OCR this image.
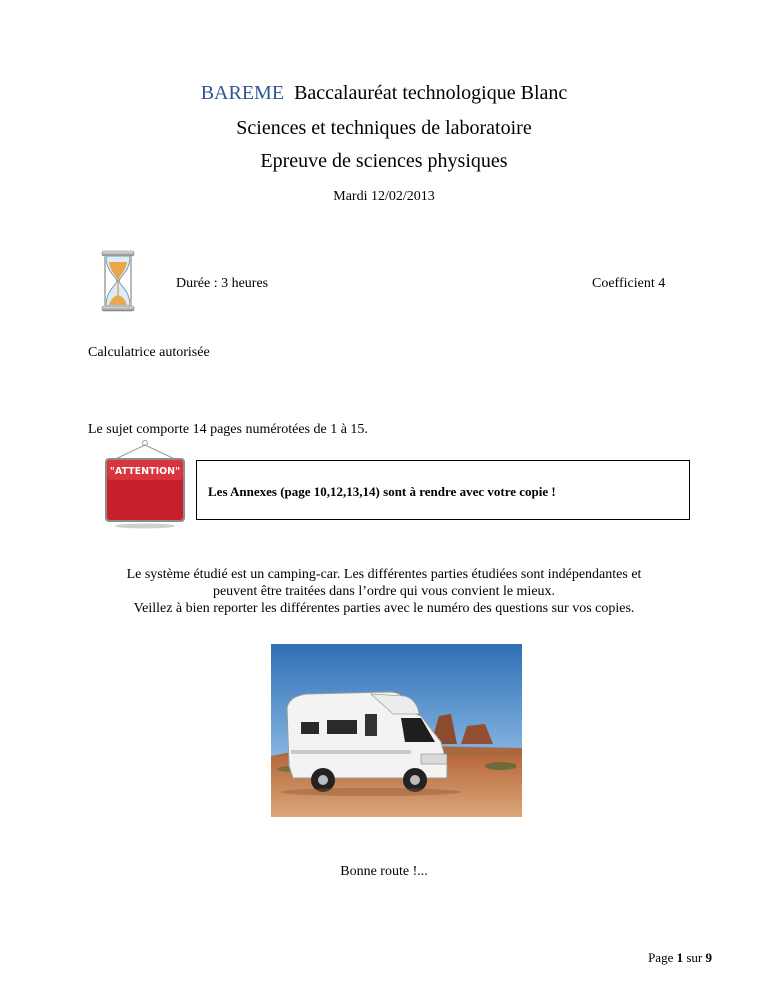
BAREME Baccalauréat technologique Blanc
Sciences et techniques de laboratoire
Epreuve de sciences physiques
Mardi 12/02/2013
Durée : 3 heures	Coefficient 4
Calculatrice autorisée
Le sujet comporte 14 pages numérotées de 1 à 15.
"ATTENTION"
Les Annexes (page 10,12,13,14) sont à rendre avec votre copie !
Le système étudié est un camping-car. Les différentes parties étudiées sont indépendantes et
peuvent être traitées dans l’ordre qui vous convient le mieux.
Veillez à bien reporter les différentes parties avec le numéro des questions sur vos copies.
Bonne route !...
Page 1 sur 9
